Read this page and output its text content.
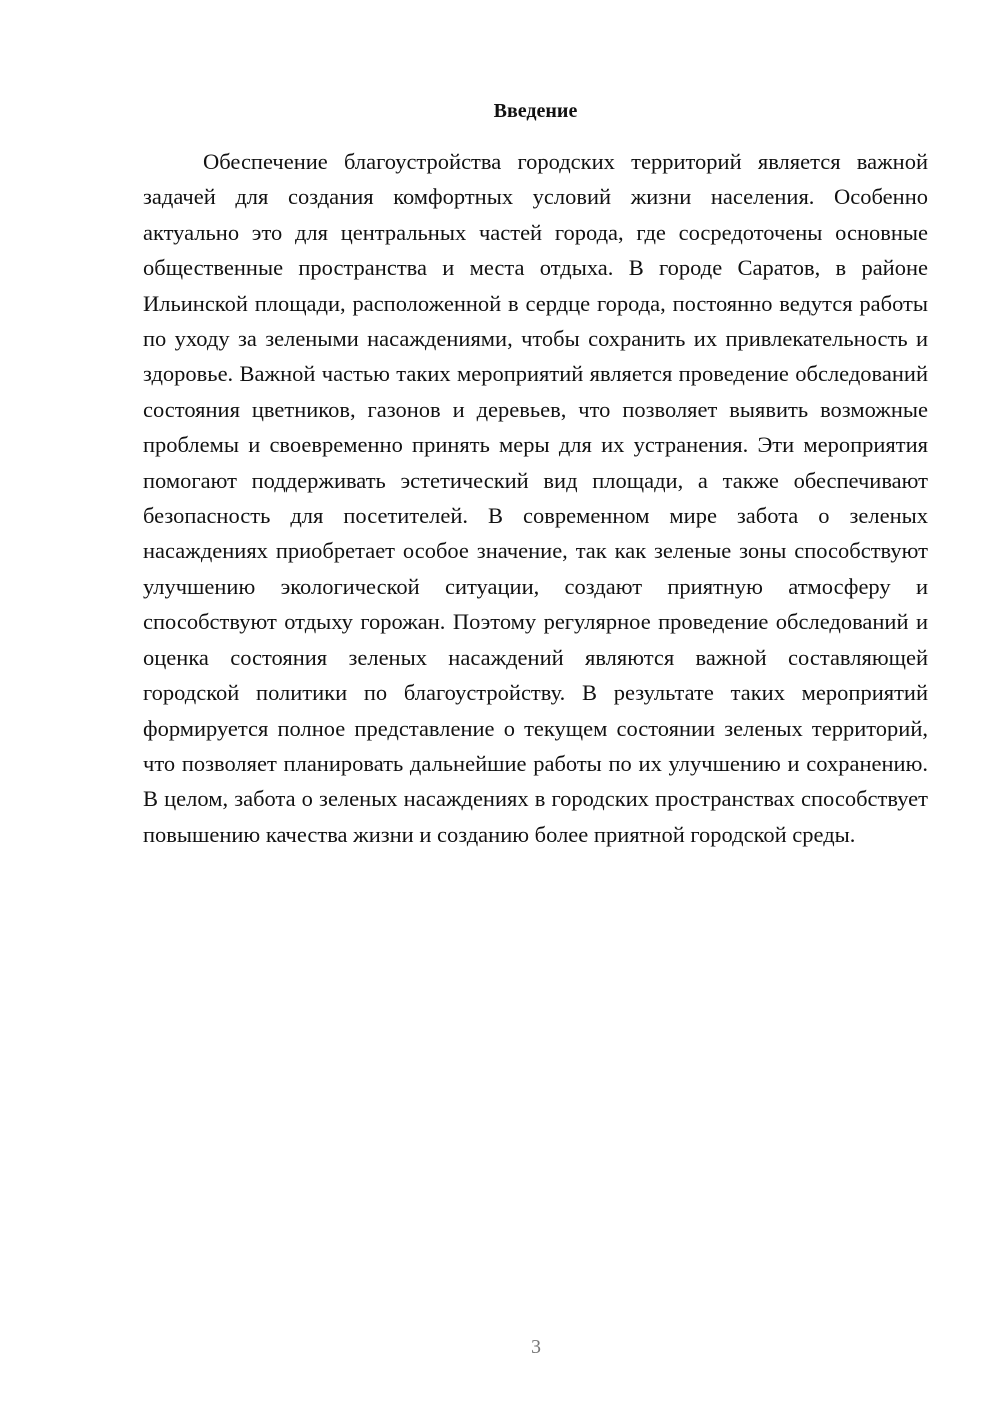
Введение

Обеспечение благоустройства городских территорий является важной задачей для создания комфортных условий жизни населения. Особенно актуально это для центральных частей города, где сосредоточены основные общественные пространства и места отдыха. В городе Саратов, в районе Ильинской площади, расположенной в сердце города, постоянно ведутся работы по уходу за зелеными насаждениями, чтобы сохранить их привлекательность и здоровье. Важной частью таких мероприятий является проведение обследований состояния цветников, газонов и деревьев, что позволяет выявить возможные проблемы и своевременно принять меры для их устранения. Эти мероприятия помогают поддерживать эстетический вид площади, а также обеспечивают безопасность для посетителей. В современном мире забота о зеленых насаждениях приобретает особое значение, так как зеленые зоны способствуют улучшению экологической ситуации, создают приятную атмосферу и способствуют отдыху горожан. Поэтому регулярное проведение обследований и оценка состояния зеленых насаждений являются важной составляющей городской политики по благоустройству. В результате таких мероприятий формируется полное представление о текущем состоянии зеленых территорий, что позволяет планировать дальнейшие работы по их улучшению и сохранению. В целом, забота о зеленых насаждениях в городских пространствах способствует повышению качества жизни и созданию более приятной городской среды.

3
